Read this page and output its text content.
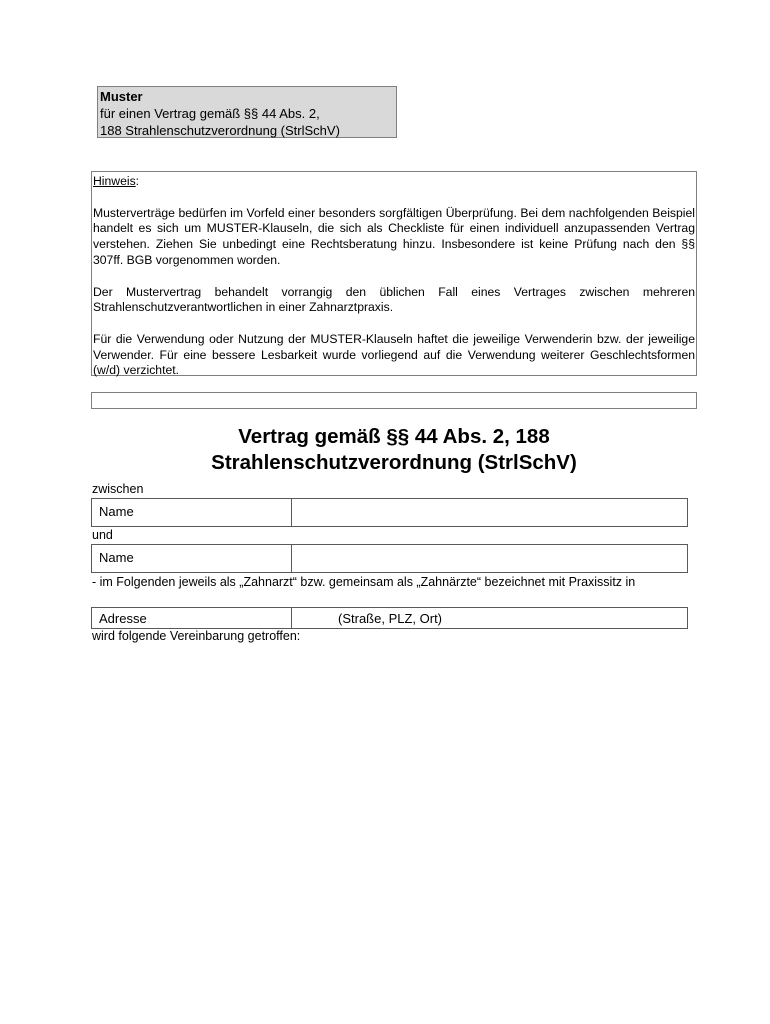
Muster
für einen Vertrag gemäß §§ 44 Abs. 2,
188 Strahlenschutzverordnung (StrlSchV)

Hinweis:

Musterverträge bedürfen im Vorfeld einer besonders sorgfältigen Überprüfung. Bei dem nachfolgenden Beispiel handelt es sich um MUSTER-Klauseln, die sich als Checkliste für einen individuell anzupassenden Vertrag verstehen. Ziehen Sie unbedingt eine Rechtsberatung hinzu. Insbesondere ist keine Prüfung nach den §§ 307ff. BGB vorgenommen worden.

Der Mustervertrag behandelt vorrangig den üblichen Fall eines Vertrages zwischen mehreren Strahlenschutzverantwortlichen in einer Zahnarztpraxis.

Für die Verwendung oder Nutzung der MUSTER-Klauseln haftet die jeweilige Verwenderin bzw. der jeweilige Verwender. Für eine bessere Lesbarkeit wurde vorliegend auf die Verwendung weiterer Geschlechtsformen (w/d) verzichtet.

Vertrag gemäß §§ 44 Abs. 2, 188
Strahlenschutzverordnung (StrlSchV)
zwischen
Name
und
Name
- im Folgenden jeweils als „Zahnarzt“ bzw. gemeinsam als „Zahnärzte“ bezeichnet mit Praxissitz in
Adresse	(Straße, PLZ, Ort)
wird folgende Vereinbarung getroffen:
